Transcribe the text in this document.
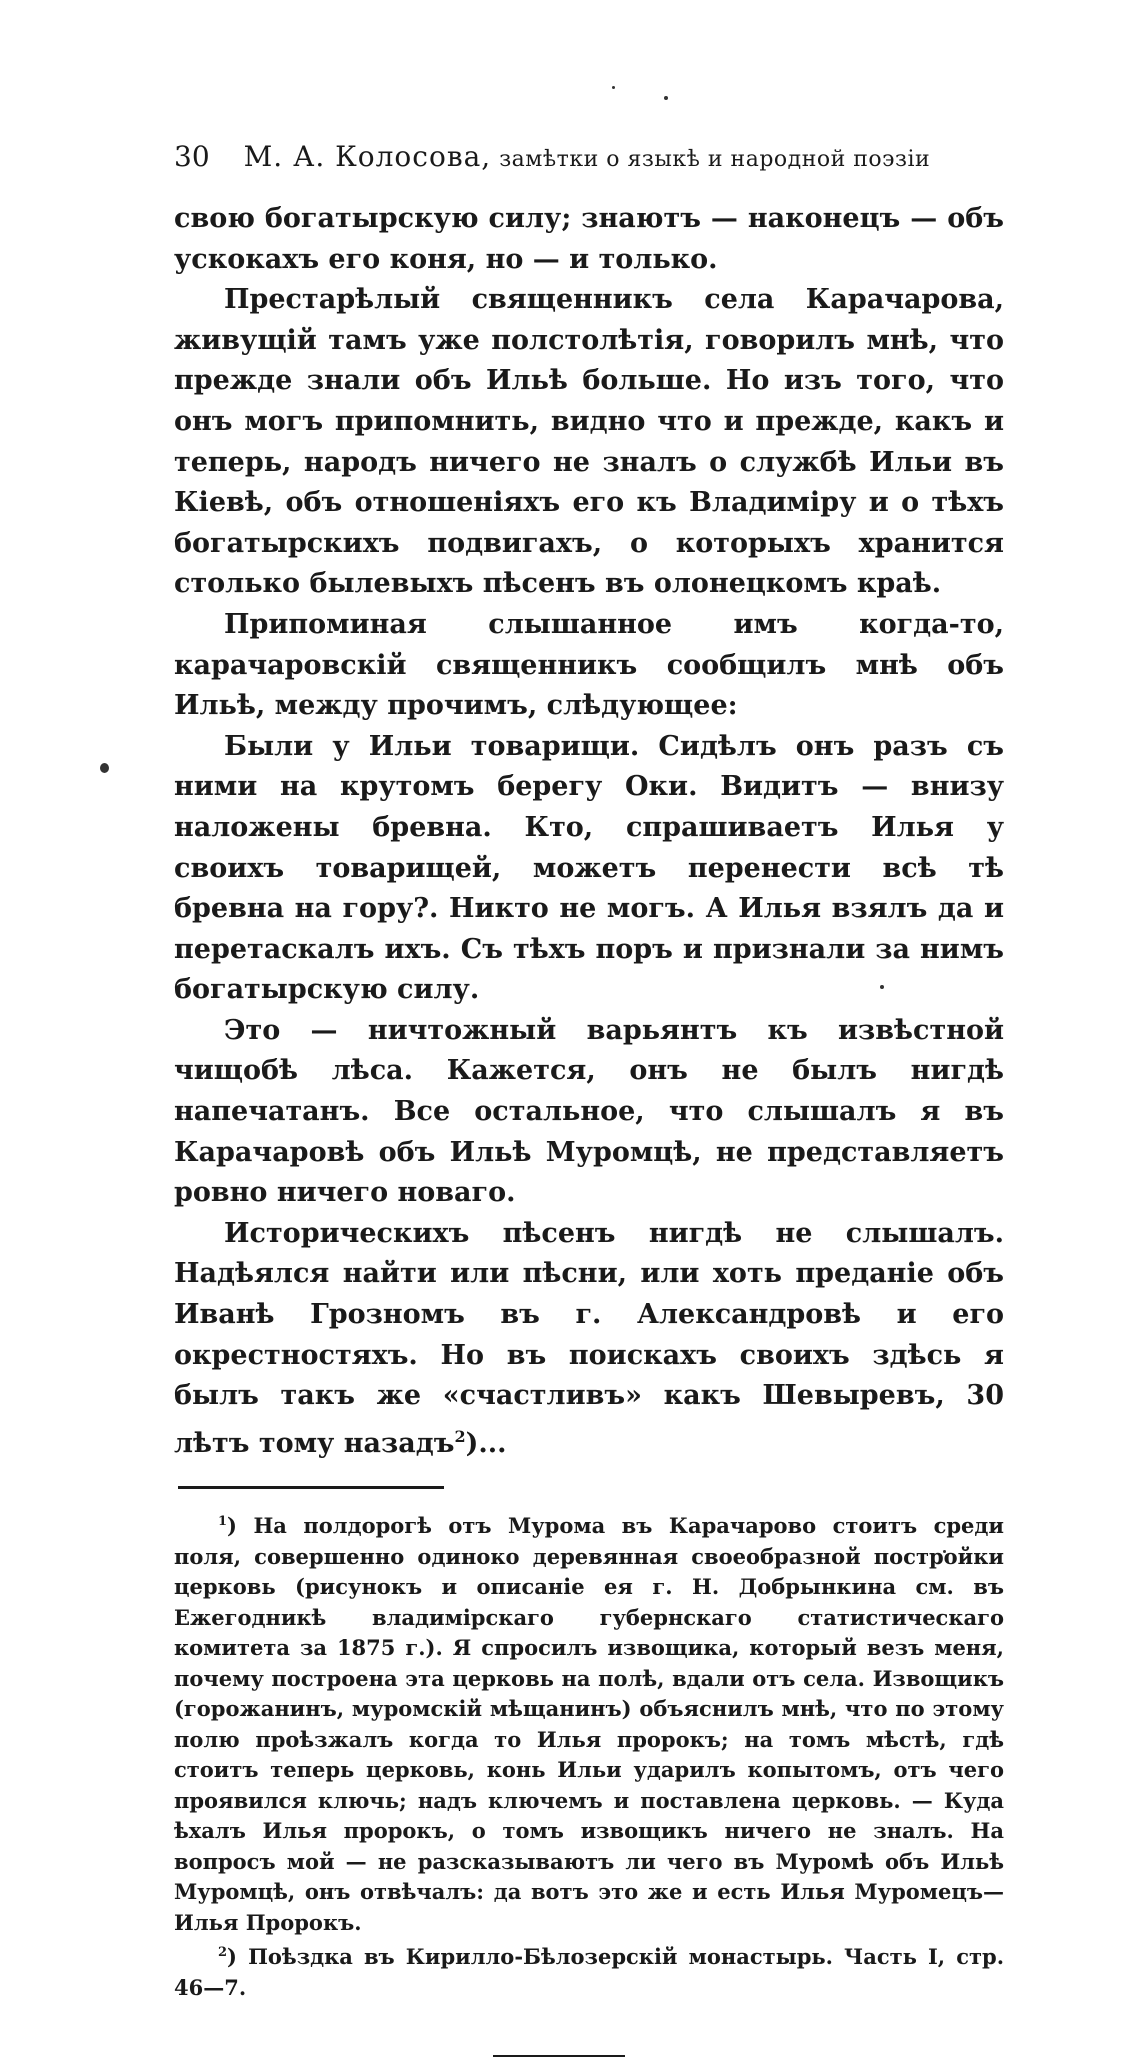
30 М. А. Колосова, замѣтки о языкѣ и народной поэзіи

свою богатырскую силу; знаютъ — наконецъ — объ ускокахъ его коня, но — и только.

Престарѣлый священникъ села Карачарова, живущій тамъ уже полстолѣтія, говорилъ мнѣ, что прежде знали объ Ильѣ больше. Но изъ того, что онъ могъ припомнить, видно что и прежде, какъ и теперь, народъ ничего не зналъ о службѣ Ильи въ Кіевѣ, объ отношеніяхъ его къ Владиміру и о тѣхъ богатырскихъ подвигахъ, о которыхъ хранится столько былевыхъ пѣсенъ въ олонецкомъ краѣ.

Припоминая слышанное имъ когда-то, карачаровскій священникъ сообщилъ мнѣ объ Ильѣ, между прочимъ, слѣдующее:

Были у Ильи товарищи. Сидѣлъ онъ разъ съ ними на крутомъ берегу Оки. Видитъ — внизу наложены бревна. Кто, спрашиваетъ Илья у своихъ товарищей, можетъ перенести всѣ тѣ бревна на гору?. Никто не могъ. А Илья взялъ да и перетаскалъ ихъ. Съ тѣхъ поръ и признали за нимъ богатырскую силу.

Это — ничтожный варьянтъ къ извѣстной чищобѣ лѣса. Кажется, онъ не былъ нигдѣ напечатанъ. Все остальное, что слышалъ я въ Карачаровѣ объ Ильѣ Муромцѣ, не представляетъ ровно ничего новаго.

Историческихъ пѣсенъ нигдѣ не слышалъ. Надѣялся найти или пѣсни, или хоть преданіе объ Иванѣ Грозномъ въ г. Александровѣ и его окрестностяхъ. Но въ поискахъ своихъ здѣсь я былъ такъ же «счастливъ» какъ Шевыревъ, 30 лѣтъ тому назадъ$^2$)...

$^1$) На полдорогѣ отъ Мурома въ Карачарово стоитъ среди поля, совершенно одиноко деревянная своеобразной постройки церковь (рисунокъ и описаніе ея г. Н. Добрынкина см. въ Ежегодникѣ владимірскаго губернскаго статистическаго комитета за 1875 г.). Я спросилъ извощика, который везъ меня, почему построена эта церковь на полѣ, вдали отъ села. Извощикъ (горожанинъ, муромскій мѣщанинъ) объяснилъ мнѣ, что по этому полю проѣзжалъ когда то Илья пророкъ; на томъ мѣстѣ, гдѣ стоитъ теперь церковь, конь Ильи ударилъ копытомъ, отъ чего проявился ключь; надъ ключемъ и поставлена церковь. — Куда ѣхалъ Илья пророкъ, о томъ извощикъ ничего не зналъ. На вопросъ мой — не разсказываютъ ли чего въ Муромѣ объ Ильѣ Муромцѣ, онъ отвѣчалъ: да вотъ это же и есть Илья Муромецъ—Илья Пророкъ.

$^2$) Поѣздка въ Кирилло-Бѣлозерскій монастырь. Часть I, стр. 46—7.
